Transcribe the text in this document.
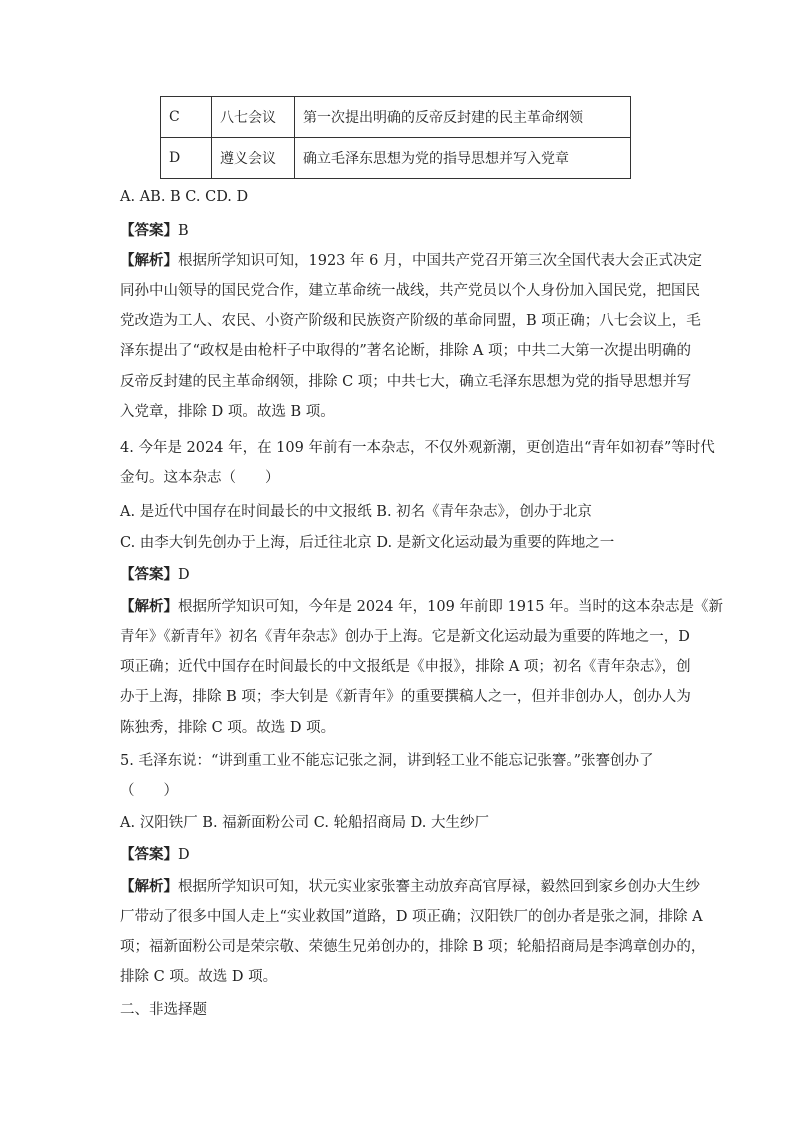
C	八七会议	第一次提出明确的反帝反封建的民主革命纲领
D	遵义会议	确立毛泽东思想为党的指导思想并写入党章
A. AB. B C. CD. D
【答案】B
【解析】根据所学知识可知，1923 年 6 月，中国共产党召开第三次全国代表大会正式决定
同孙中山领导的国民党合作，建立革命统一战线，共产党员以个人身份加入国民党，把国民
党改造为工人、农民、小资产阶级和民族资产阶级的革命同盟，B 项正确；八七会议上，毛
泽东提出了“政权是由枪杆子中取得的”著名论断，排除 A 项；中共二大第一次提出明确的
反帝反封建的民主革命纲领，排除 C 项；中共七大，确立毛泽东思想为党的指导思想并写
入党章，排除 D 项。故选 B 项。
4. 今年是 2024 年，在 109 年前有一本杂志，不仅外观新潮，更创造出“青年如初春”等时代
金句。这本杂志（　　）
A. 是近代中国存在时间最长的中文报纸 B. 初名《青年杂志》，创办于北京
C. 由李大钊先创办于上海，后迁往北京 D. 是新文化运动最为重要的阵地之一
【答案】D
【解析】根据所学知识可知，今年是 2024 年，109 年前即 1915 年。当时的这本杂志是《新
青年》《新青年》初名《青年杂志》创办于上海。它是新文化运动最为重要的阵地之一，D
项正确；近代中国存在时间最长的中文报纸是《申报》，排除 A 项；初名《青年杂志》，创
办于上海，排除 B 项；李大钊是《新青年》的重要撰稿人之一，但并非创办人，创办人为
陈独秀，排除 C 项。故选 D 项。
5. 毛泽东说：“讲到重工业不能忘记张之洞，讲到轻工业不能忘记张謇。”张謇创办了
（　　）
A. 汉阳铁厂 B. 福新面粉公司 C. 轮船招商局 D. 大生纱厂
【答案】D
【解析】根据所学知识可知，状元实业家张謇主动放弃高官厚禄，毅然回到家乡创办大生纱
厂带动了很多中国人走上“实业救国”道路，D 项正确；汉阳铁厂的创办者是张之洞，排除 A
项；福新面粉公司是荣宗敬、荣德生兄弟创办的，排除 B 项；轮船招商局是李鸿章创办的，
排除 C 项。故选 D 项。
二、非选择题
